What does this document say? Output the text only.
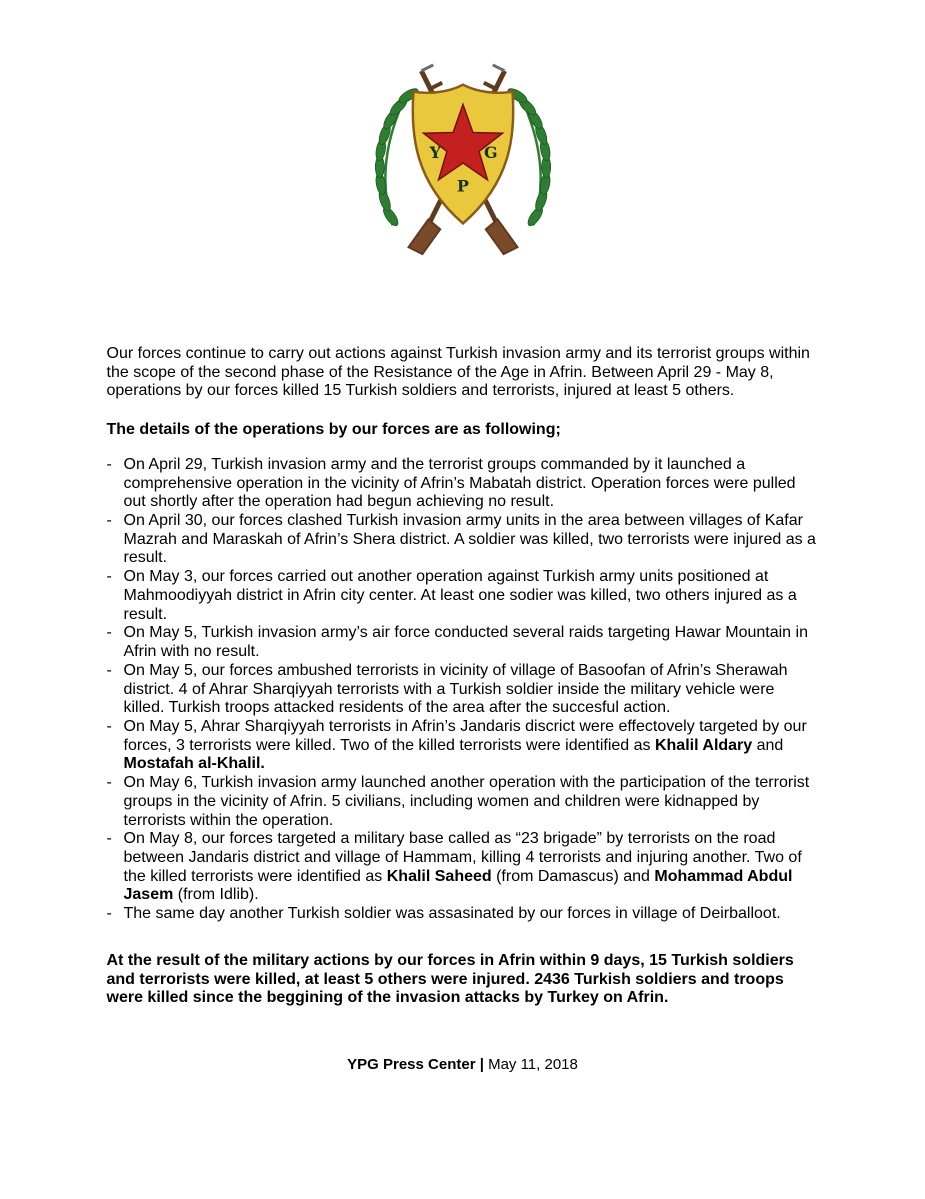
Y	G
P

Our forces continue to carry out actions against Turkish invasion army and its terrorist groups within the scope of the second phase of the Resistance of the Age in Afrin. Between April 29 - May 8, operations by our forces killed 15 Turkish soldiers and terrorists, injured at least 5 others.

The details of the operations by our forces are as following;

- On April 29, Turkish invasion army and the terrorist groups commanded by it launched a comprehensive operation in the vicinity of Afrin’s Mabatah district. Operation forces were pulled out shortly after the operation had begun achieving no result.
- On April 30, our forces clashed Turkish invasion army units in the area between villages of Kafar Mazrah and Maraskah of Afrin’s Shera district. A soldier was killed, two terrorists were injured as a result.
- On May 3, our forces carried out another operation against Turkish army units positioned at Mahmoodiyyah district in Afrin city center. At least one sodier was killed, two others injured as a result.
- On May 5, Turkish invasion army’s air force conducted several raids targeting Hawar Mountain in Afrin with no result.
- On May 5, our forces ambushed terrorists in vicinity of village of Basoofan of Afrin’s Sherawah district. 4 of Ahrar Sharqiyyah terrorists with a Turkish soldier inside the military vehicle were killed. Turkish troops attacked residents of the area after the succesful action.
- On May 5, Ahrar Sharqiyyah terrorists in Afrin’s Jandaris discrict were effectovely targeted by our forces, 3 terrorists were killed. Two of the killed terrorists were identified as Khalil Aldary and Mostafah al-Khalil.
- On May 6, Turkish invasion army launched another operation with the participation of the terrorist groups in the vicinity of Afrin. 5 civilians, including women and children were kidnapped by terrorists within the operation.
- On May 8, our forces targeted a military base called as “23 brigade” by terrorists on the road between Jandaris district and village of Hammam, killing 4 terrorists and injuring another. Two of the killed terrorists were identified as Khalil Saheed (from Damascus) and Mohammad Abdul Jasem (from Idlib).
- The same day another Turkish soldier was assasinated by our forces in village of Deirballoot.

At the result of the military actions by our forces in Afrin within 9 days, 15 Turkish soldiers and terrorists were killed, at least 5 others were injured. 2436 Turkish soldiers and troops were killed since the beggining of the invasion attacks by Turkey on Afrin.

YPG Press Center | May 11, 2018
